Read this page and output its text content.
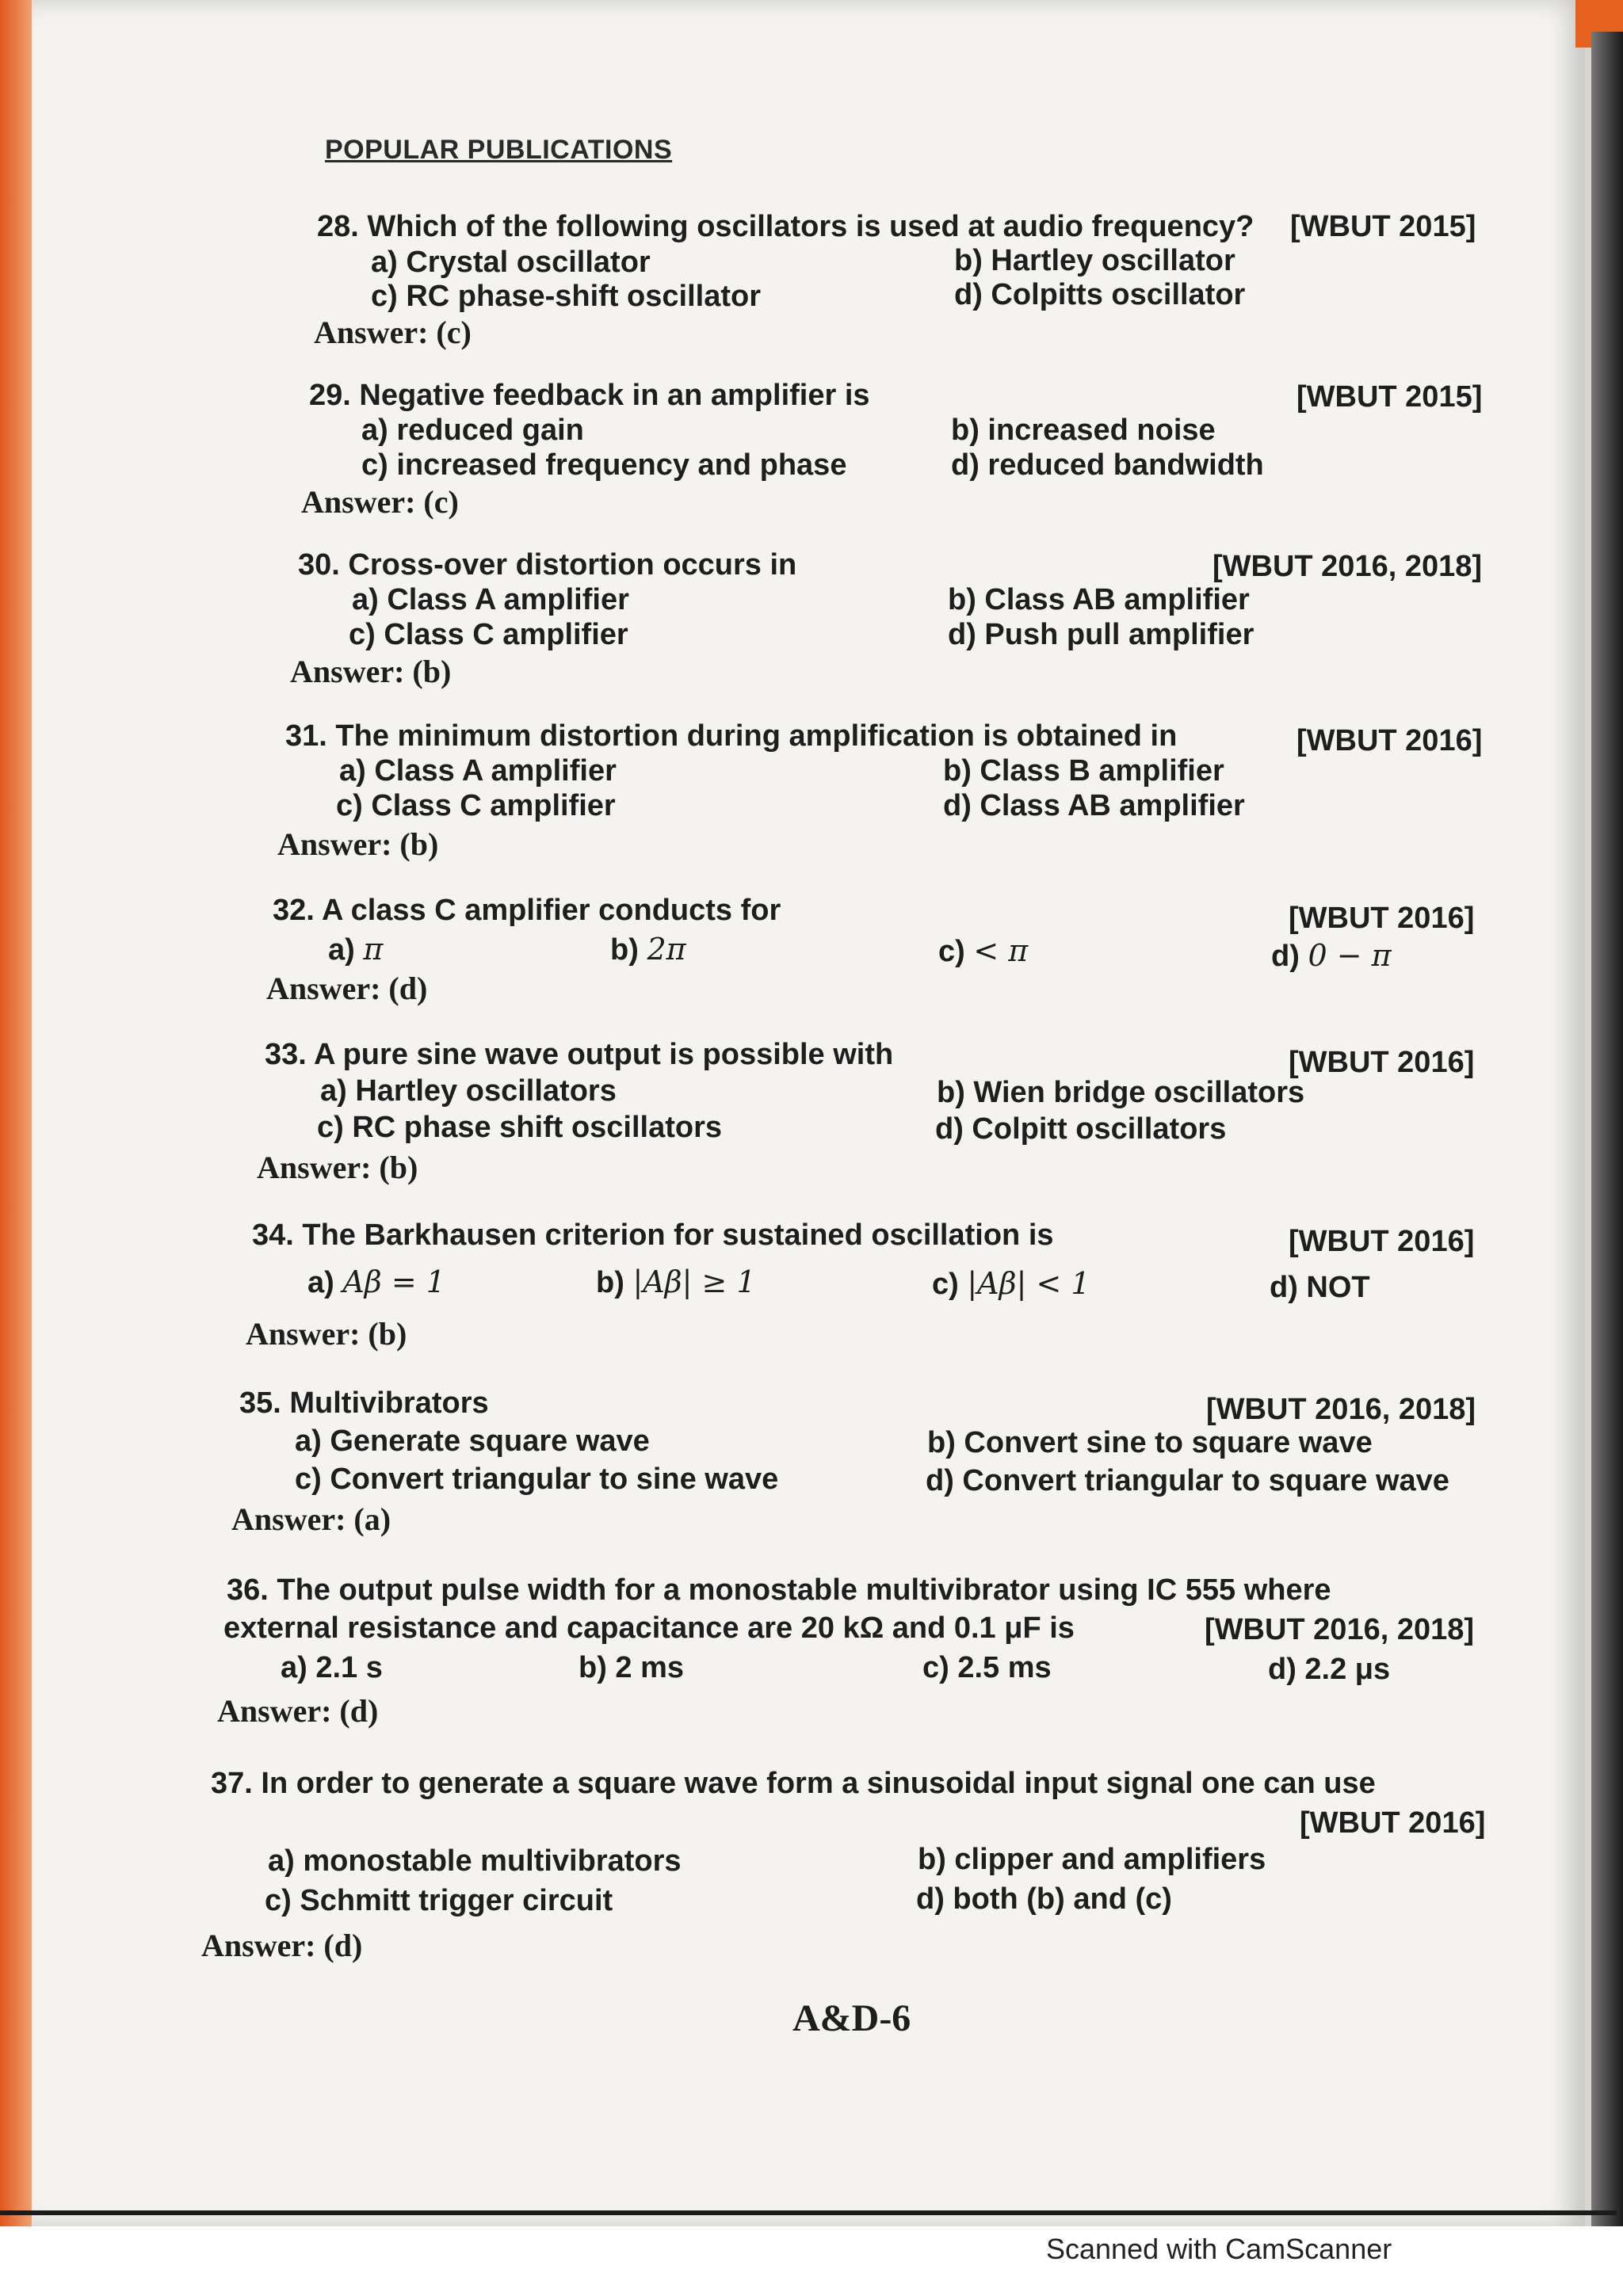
POPULAR PUBLICATIONS
28. Which of the following oscillators is used at audio frequency? [WBUT 2015]
a) Crystal oscillator	b) Hartley oscillator
c) RC phase-shift oscillator	d) Colpitts oscillator
Answer: (c)
29. Negative feedback in an amplifier is	[WBUT 2015]
a) reduced gain	b) increased noise
c) increased frequency and phase	d) reduced bandwidth
Answer: (c)
30. Cross-over distortion occurs in	[WBUT 2016, 2018]
a) Class A amplifier	b) Class AB amplifier
c) Class C amplifier	d) Push pull amplifier
Answer: (b)
31. The minimum distortion during amplification is obtained in	[WBUT 2016]
a) Class A amplifier	b) Class B amplifier
c) Class C amplifier	d) Class AB amplifier
Answer: (b)
32. A class C amplifier conducts for	[WBUT 2016]
a) π	b) 2π	c) < π	d) 0 − π
Answer: (d)
33. A pure sine wave output is possible with	[WBUT 2016]
a) Hartley oscillators	b) Wien bridge oscillators
c) RC phase shift oscillators	d) Colpitt oscillators
Answer: (b)
34. The Barkhausen criterion for sustained oscillation is	[WBUT 2016]
a) Aβ = 1	b) |Aβ| ≥ 1	c) |Aβ| < 1	d) NOT
Answer: (b)
35. Multivibrators	[WBUT 2016, 2018]
a) Generate square wave	b) Convert sine to square wave
c) Convert triangular to sine wave	d) Convert triangular to square wave
Answer: (a)
36. The output pulse width for a monostable multivibrator using IC 555 where
external resistance and capacitance are 20 kΩ and 0.1 μF is	[WBUT 2016, 2018]
a) 2.1 s	b) 2 ms	c) 2.5 ms	d) 2.2 μs
Answer: (d)
37. In order to generate a square wave form a sinusoidal input signal one can use
[WBUT 2016]
a) monostable multivibrators	b) clipper and amplifiers
c) Schmitt trigger circuit	d) both (b) and (c)
Answer: (d)
A&D-6
Scanned with CamScanner
